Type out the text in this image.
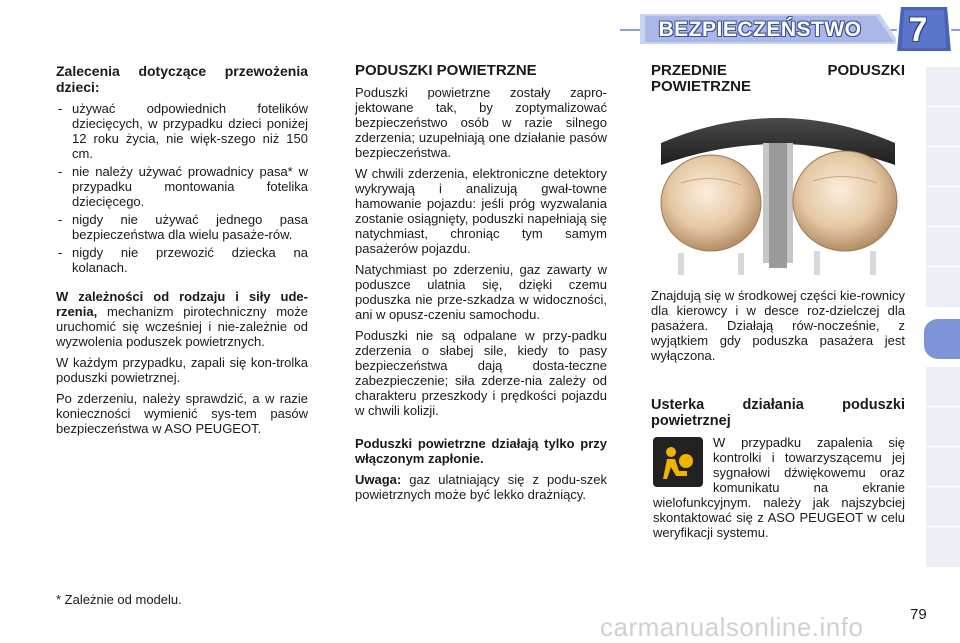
BEZPIECZEŃSTWO	7

Zalecenia dotyczące przewożenia dzieci:

- używać odpowiednich fotelików dziecięcych, w przypadku dzieci poniżej 12 roku życia, nie więk-szego niż 150 cm.
- nie należy używać prowadnicy pasa* w przypadku montowania fotelika dziecięcego.
- nigdy nie używać jednego pasa bezpieczeństwa dla wielu pasaże-rów.
- nigdy nie przewozić dziecka na kolanach.

W zależności od rodzaju i siły ude-rzenia, mechanizm pirotechniczny może uruchomić się wcześniej i nie-zależnie od wyzwolenia poduszek powietrznych.

W każdym przypadku, zapali się kon-trolka poduszki powietrznej.

Po zderzeniu, należy sprawdzić, a w razie konieczności wymienić sys-tem pasów bezpieczeństwa w ASO PEUGEOT.

PODUSZKI POWIETRZNE

Poduszki powietrzne zostały zapro-jektowane tak, by zoptymalizować bezpieczeństwo osób w razie silnego zderzenia; uzupełniają one działanie pasów bezpieczeństwa.

W chwili zderzenia, elektroniczne detektory wykrywają i analizują gwał-towne hamowanie pojazdu: jeśli próg wyzwalania zostanie osiągnięty, poduszki napełniają się natychmiast, chroniąc tym samym pasażerów pojazdu.

Natychmiast po zderzeniu, gaz zawarty w poduszce ulatnia się, dzięki czemu poduszka nie prze-szkadza w widoczności, ani w opusz-czeniu samochodu.

Poduszki nie są odpalane w przy-padku zderzenia o słabej sile, kiedy to pasy bezpieczeństwa dają dosta-teczne zabezpieczenie; siła zderze-nia zależy od charakteru przeszkody i prędkości pojazdu w chwili kolizji.

Poduszki powietrzne działają tylko przy włączonym zapłonie.

Uwaga: gaz ulatniający się z podu-szek powietrznych może być lekko drażniący.

PRZEDNIE PODUSZKI POWIETRZNE

Znajdują się w środkowej części kie-rownicy dla kierowcy i w desce roz-dzielczej dla pasażera. Działają rów-nocześnie, z wyjątkiem gdy poduszka pasażera jest wyłączona.

Usterka działania poduszki powietrznej

W przypadku zapalenia się kontrolki i towarzyszącemu jej sygnałowi dźwiękowemu oraz komunikatu na ekranie wielofunkcyjnym. należy jak najszybciej skontaktować się z ASO PEUGEOT w celu weryfikacji systemu.

* Zależnie od modelu.
carmanualsonline.info	79
